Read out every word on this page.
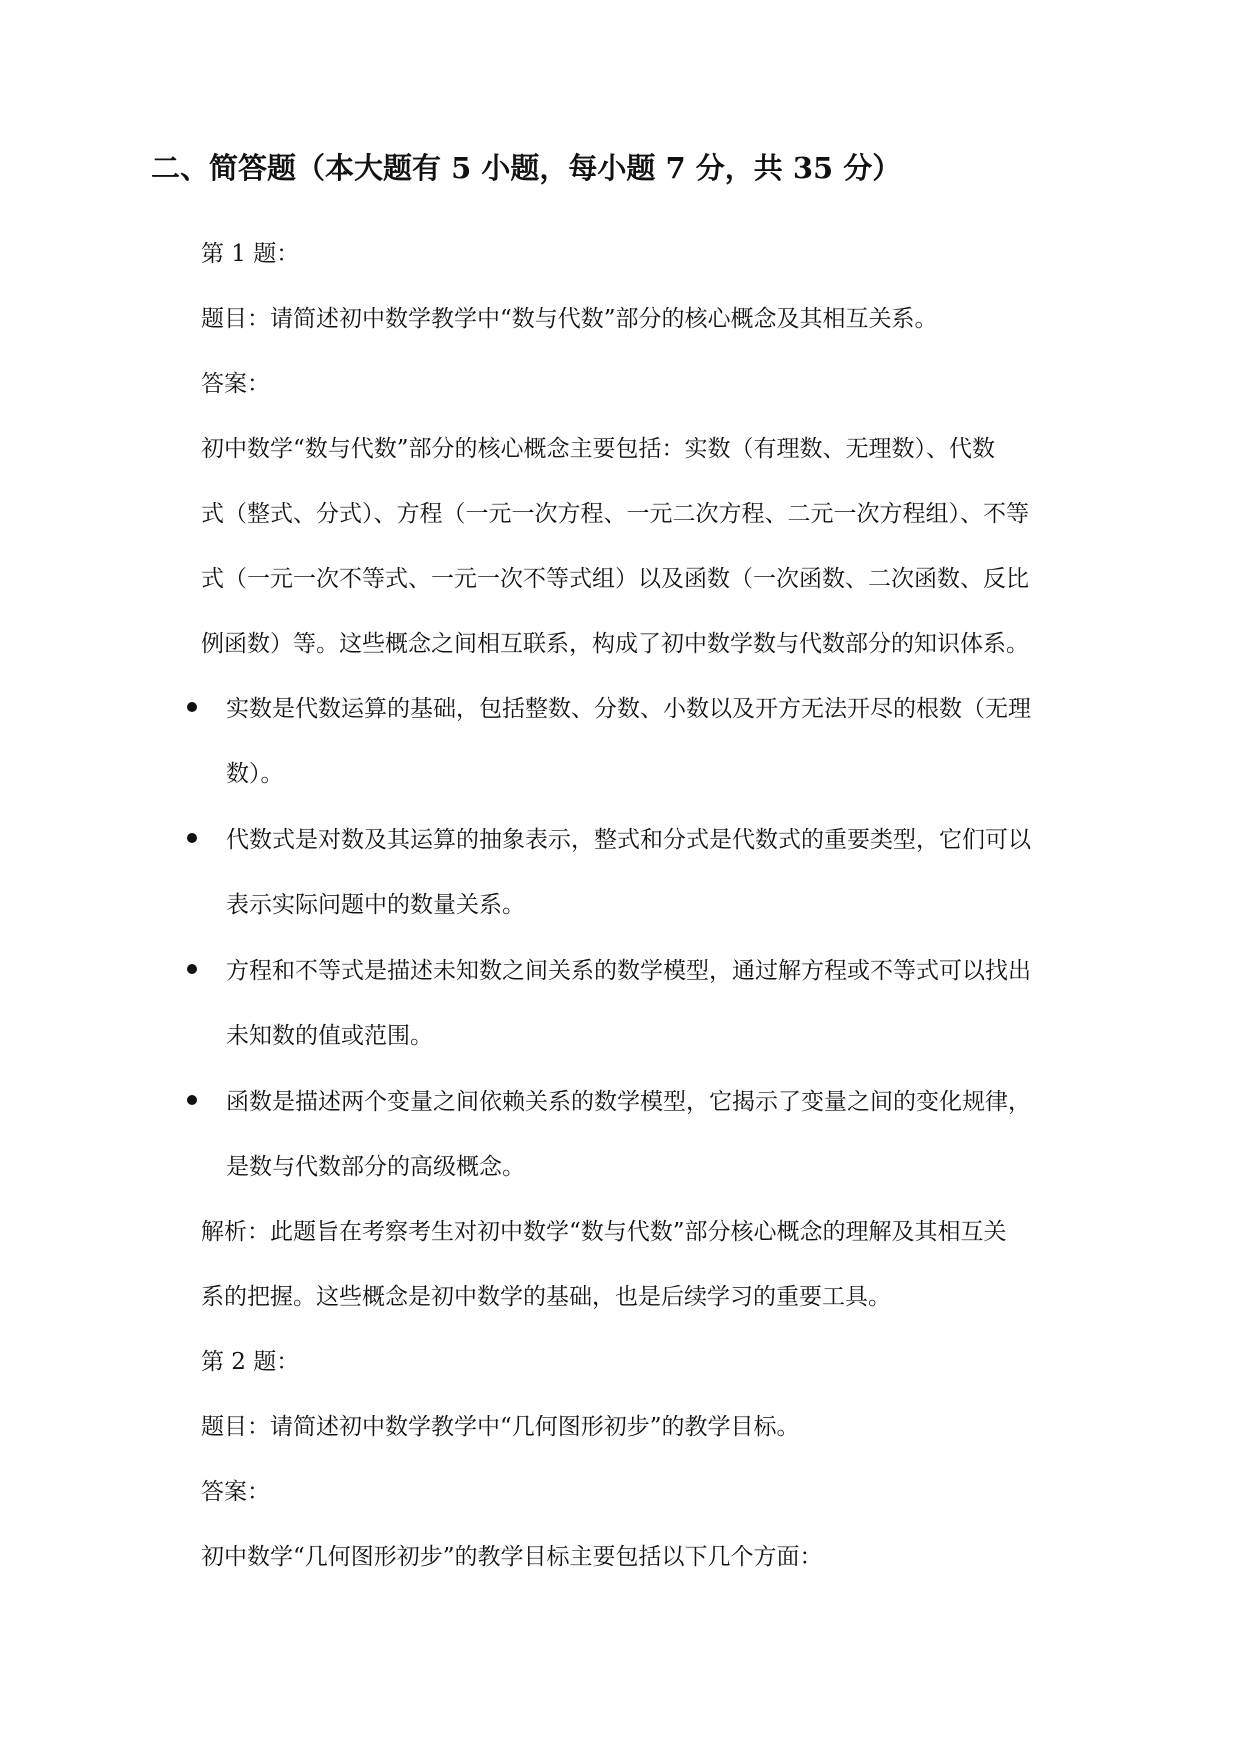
二、简答题（本大题有 5 小题，每小题 7 分，共 35 分）
第 1 题：
题目：请简述初中数学教学中“数与代数”部分的核心概念及其相互关系。
答案：
初中数学“数与代数”部分的核心概念主要包括：实数（有理数、无理数）、代数
式（整式、分式）、方程（一元一次方程、一元二次方程、二元一次方程组）、不等
式（一元一次不等式、一元一次不等式组）以及函数（一次函数、二次函数、反比
例函数）等。这些概念之间相互联系，构成了初中数学数与代数部分的知识体系。
实数是代数运算的基础，包括整数、分数、小数以及开方无法开尽的根数（无理
数）。
代数式是对数及其运算的抽象表示，整式和分式是代数式的重要类型，它们可以
表示实际问题中的数量关系。
方程和不等式是描述未知数之间关系的数学模型，通过解方程或不等式可以找出
未知数的值或范围。
函数是描述两个变量之间依赖关系的数学模型，它揭示了变量之间的变化规律，
是数与代数部分的高级概念。
解析：此题旨在考察考生对初中数学“数与代数”部分核心概念的理解及其相互关
系的把握。这些概念是初中数学的基础，也是后续学习的重要工具。
第 2 题：
题目：请简述初中数学教学中“几何图形初步”的教学目标。
答案：
初中数学“几何图形初步”的教学目标主要包括以下几个方面：
